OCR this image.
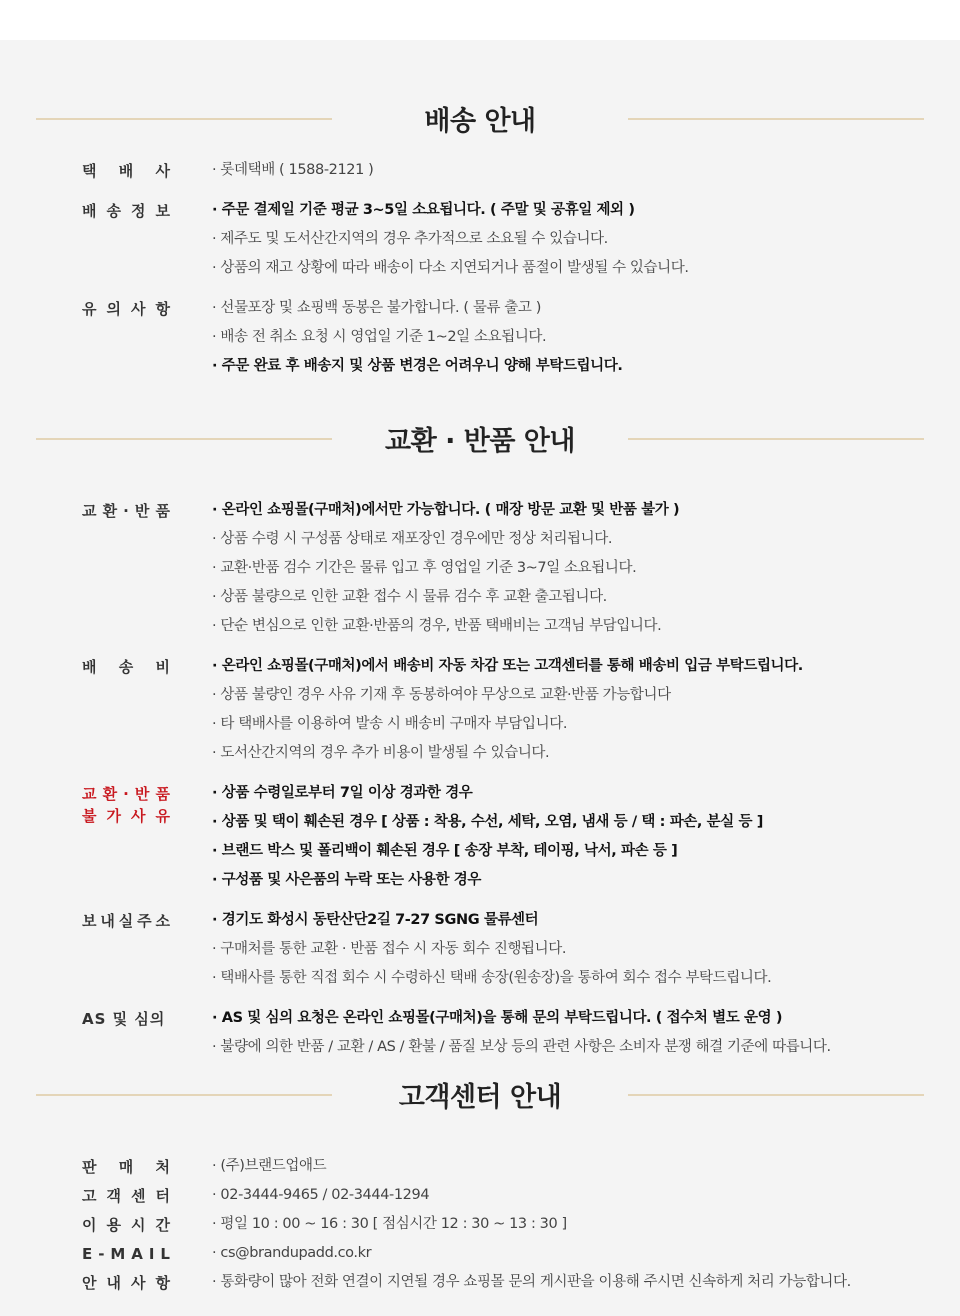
배송 안내
택 배 사	· 롯데택배 ( 1588-2121 )
배 송 정 보	· 주문 결제일 기준 평균 3~5일 소요됩니다. ( 주말 및 공휴일 제외 )
· 제주도 및 도서산간지역의 경우 추가적으로 소요될 수 있습니다.
· 상품의 재고 상황에 따라 배송이 다소 지연되거나 품절이 발생될 수 있습니다.
유 의 사 항	· 선물포장 및 쇼핑백 동봉은 불가합니다. ( 물류 출고 )
· 배송 전 취소 요청 시 영업일 기준 1~2일 소요됩니다.
· 주문 완료 후 배송지 및 상품 변경은 어려우니 양해 부탁드립니다.
교환 · 반품 안내
교 환 · 반 품	· 온라인 쇼핑몰(구매처)에서만 가능합니다. ( 매장 방문 교환 및 반품 불가 )
· 상품 수령 시 구성품 상태로 재포장인 경우에만 정상 처리됩니다.
· 교환·반품 검수 기간은 물류 입고 후 영업일 기준 3~7일 소요됩니다.
· 상품 불량으로 인한 교환 접수 시 물류 검수 후 교환 출고됩니다.
· 단순 변심으로 인한 교환·반품의 경우, 반품 택배비는 고객님 부담입니다.
배 송 비	· 온라인 쇼핑몰(구매처)에서 배송비 자동 차감 또는 고객센터를 통해 배송비 입금 부탁드립니다.
· 상품 불량인 경우 사유 기재 후 동봉하여야 무상으로 교환·반품 가능합니다
· 타 택배사를 이용하여 발송 시 배송비 구매자 부담입니다.
· 도서산간지역의 경우 추가 비용이 발생될 수 있습니다.
교 환 · 반 품
불 가 사 유
· 상품 수령일로부터 7일 이상 경과한 경우
· 상품 및 택이 훼손된 경우 [ 상품 : 착용, 수선, 세탁, 오염, 냄새 등 / 택 : 파손, 분실 등 ]
· 브랜드 박스 및 폴리백이 훼손된 경우 [ 송장 부착, 테이핑, 낙서, 파손 등 ]
· 구성품 및 사은품의 누락 또는 사용한 경우
보 내 실 주 소	· 경기도 화성시 동탄산단2길 7-27 SGNG 물류센터
· 구매처를 통한 교환 · 반품 접수 시 자동 회수 진행됩니다.
· 택배사를 통한 직접 회수 시 수령하신 택배 송장(원송장)을 통하여 회수 접수 부탁드립니다.
AS 및 심의	· AS 및 심의 요청은 온라인 쇼핑몰(구매처)을 통해 문의 부탁드립니다. ( 접수처 별도 운영 )
· 불량에 의한 반품 / 교환 / AS / 환불 / 품질 보상 등의 관련 사항은 소비자 분쟁 해결 기준에 따릅니다.
고객센터 안내
판 매 처	· (주)브랜드업애드
고 객 센 터	· 02-3444-9465 / 02-3444-1294
이 용 시 간	· 평일 10 : 00 ~ 16 : 30 [ 점심시간 12 : 30 ~ 13 : 30 ]
E - M A I L	· cs@brandupadd.co.kr
안 내 사 항	· 통화량이 많아 전화 연결이 지연될 경우 쇼핑몰 문의 게시판을 이용해 주시면 신속하게 처리 가능합니다.
